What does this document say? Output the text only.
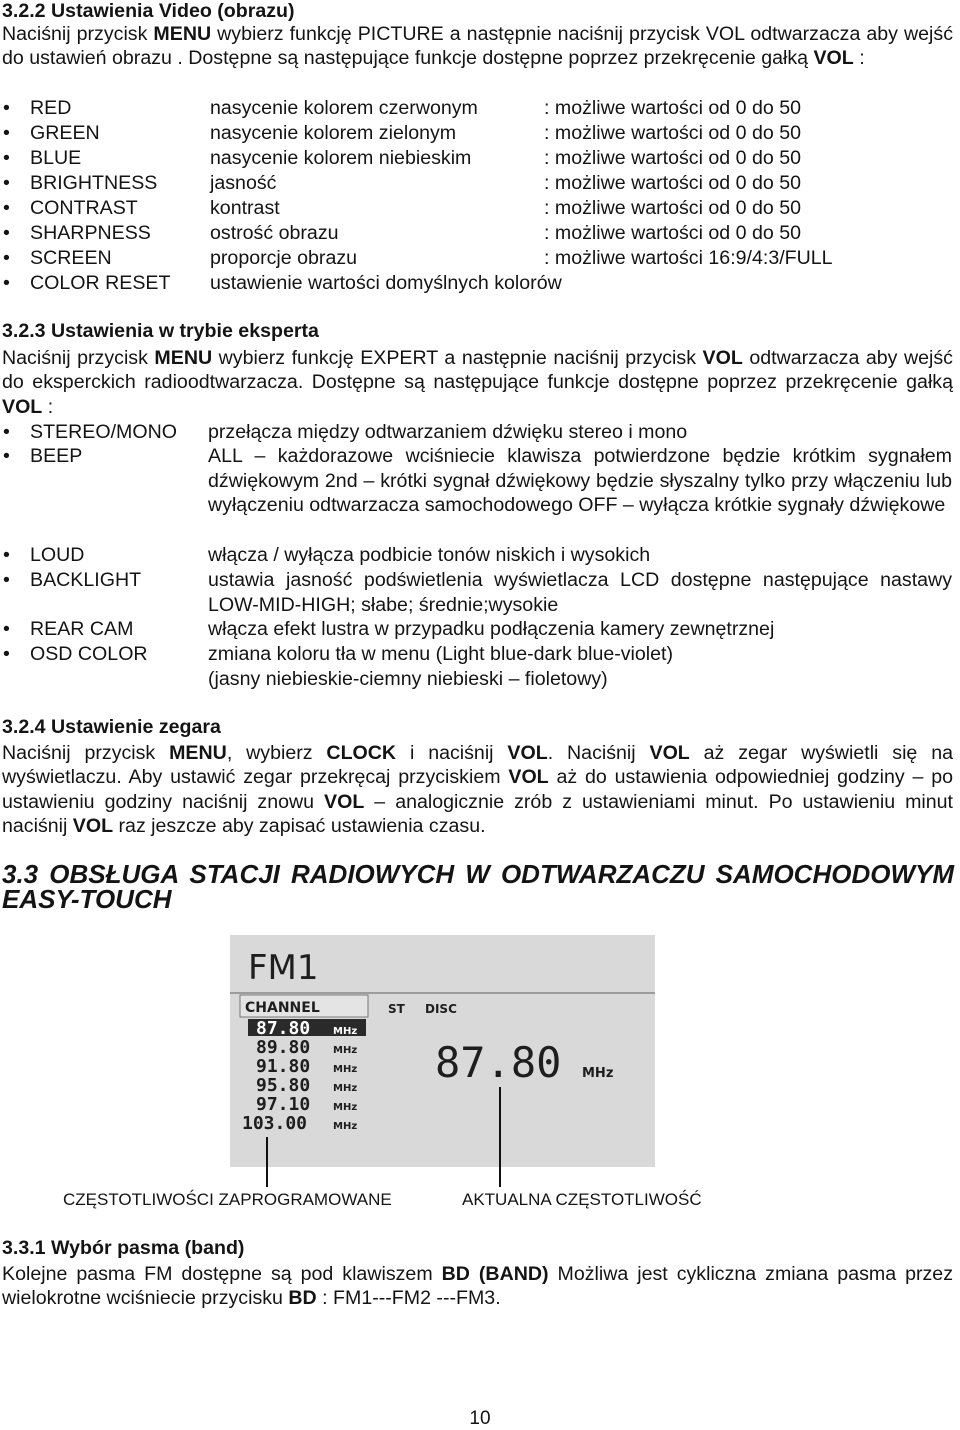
3.2.2 Ustawienia Video (obrazu)
Naciśnij przycisk MENU wybierz funkcję PICTURE a następnie naciśnij przycisk VOL odtwarzacza aby wejść do ustawień obrazu . Dostępne są następujące funkcje dostępne poprzez przekręcenie gałką VOL :
• RED	nasycenie kolorem czerwonym	: możliwe wartości od 0 do 50
• GREEN	nasycenie kolorem zielonym	: możliwe wartości od 0 do 50
• BLUE	nasycenie kolorem niebieskim	: możliwe wartości od 0 do 50
• BRIGHTNESS	jasność	: możliwe wartości od 0 do 50
• CONTRAST	kontrast	: możliwe wartości od 0 do 50
• SHARPNESS	ostrość obrazu	: możliwe wartości od 0 do 50
• SCREEN	proporcje obrazu	: możliwe wartości 16:9/4:3/FULL
• COLOR RESET ustawienie wartości domyślnych kolorów
3.2.3 Ustawienia w trybie eksperta
Naciśnij przycisk MENU wybierz funkcję EXPERT a następnie naciśnij przycisk VOL odtwarzacza aby wejść do eksperckich radioodtwarzacza. Dostępne są następujące funkcje dostępne poprzez przekręcenie gałką VOL :
• STEREO/MONO przełącza między odtwarzaniem dźwięku stereo i mono
• BEEP	ALL – każdorazowe wciśniecie klawisza potwierdzone będzie krótkim sygnałem dźwiękowym 2nd – krótki sygnał dźwiękowy będzie słyszalny tylko przy włączeniu lub wyłączeniu odtwarzacza samochodowego OFF – wyłącza krótkie sygnały dźwiękowe
• LOUD	włącza / wyłącza podbicie tonów niskich i wysokich
• BACKLIGHT	ustawia jasność podświetlenia wyświetlacza LCD dostępne następujące nastawy LOW-MID-HIGH; słabe; średnie;wysokie
• REAR CAM	włącza efekt lustra w przypadku podłączenia kamery zewnętrznej
• OSD COLOR	zmiana koloru tła w menu (Light blue-dark blue-violet) (jasny niebieskie-ciemny niebieski – fioletowy)
3.2.4 Ustawienie zegara
Naciśnij przycisk MENU, wybierz CLOCK i naciśnij VOL. Naciśnij VOL aż zegar wyświetli się na wyświetlaczu. Aby ustawić zegar przekręcaj przyciskiem VOL aż do ustawienia odpowiedniej godziny – po ustawieniu godziny naciśnij znowu VOL – analogicznie zrób z ustawieniami minut. Po ustawieniu minut naciśnij VOL raz jeszcze aby zapisać ustawienia czasu.
3.3 OBSŁUGA STACJI RADIOWYCH W ODTWARZACZU SAMOCHODOWYM EASY-TOUCH
FM1
CHANNEL	ST DISC
87.80 MHz
89.80 MHz
91.80 MHz
95.80 MHz
97.10 MHz
103.00	MHz
87.80 MHz
CZĘSTOTLIWOŚCI ZAPROGRAMOWANE	AKTUALNA CZĘSTOTLIWOŚĆ
3.3.1 Wybór pasma (band)
Kolejne pasma FM dostępne są pod klawiszem BD (BAND) Możliwa jest cykliczna zmiana pasma przez wielokrotne wciśniecie przycisku BD : FM1---FM2 ---FM3.
10
